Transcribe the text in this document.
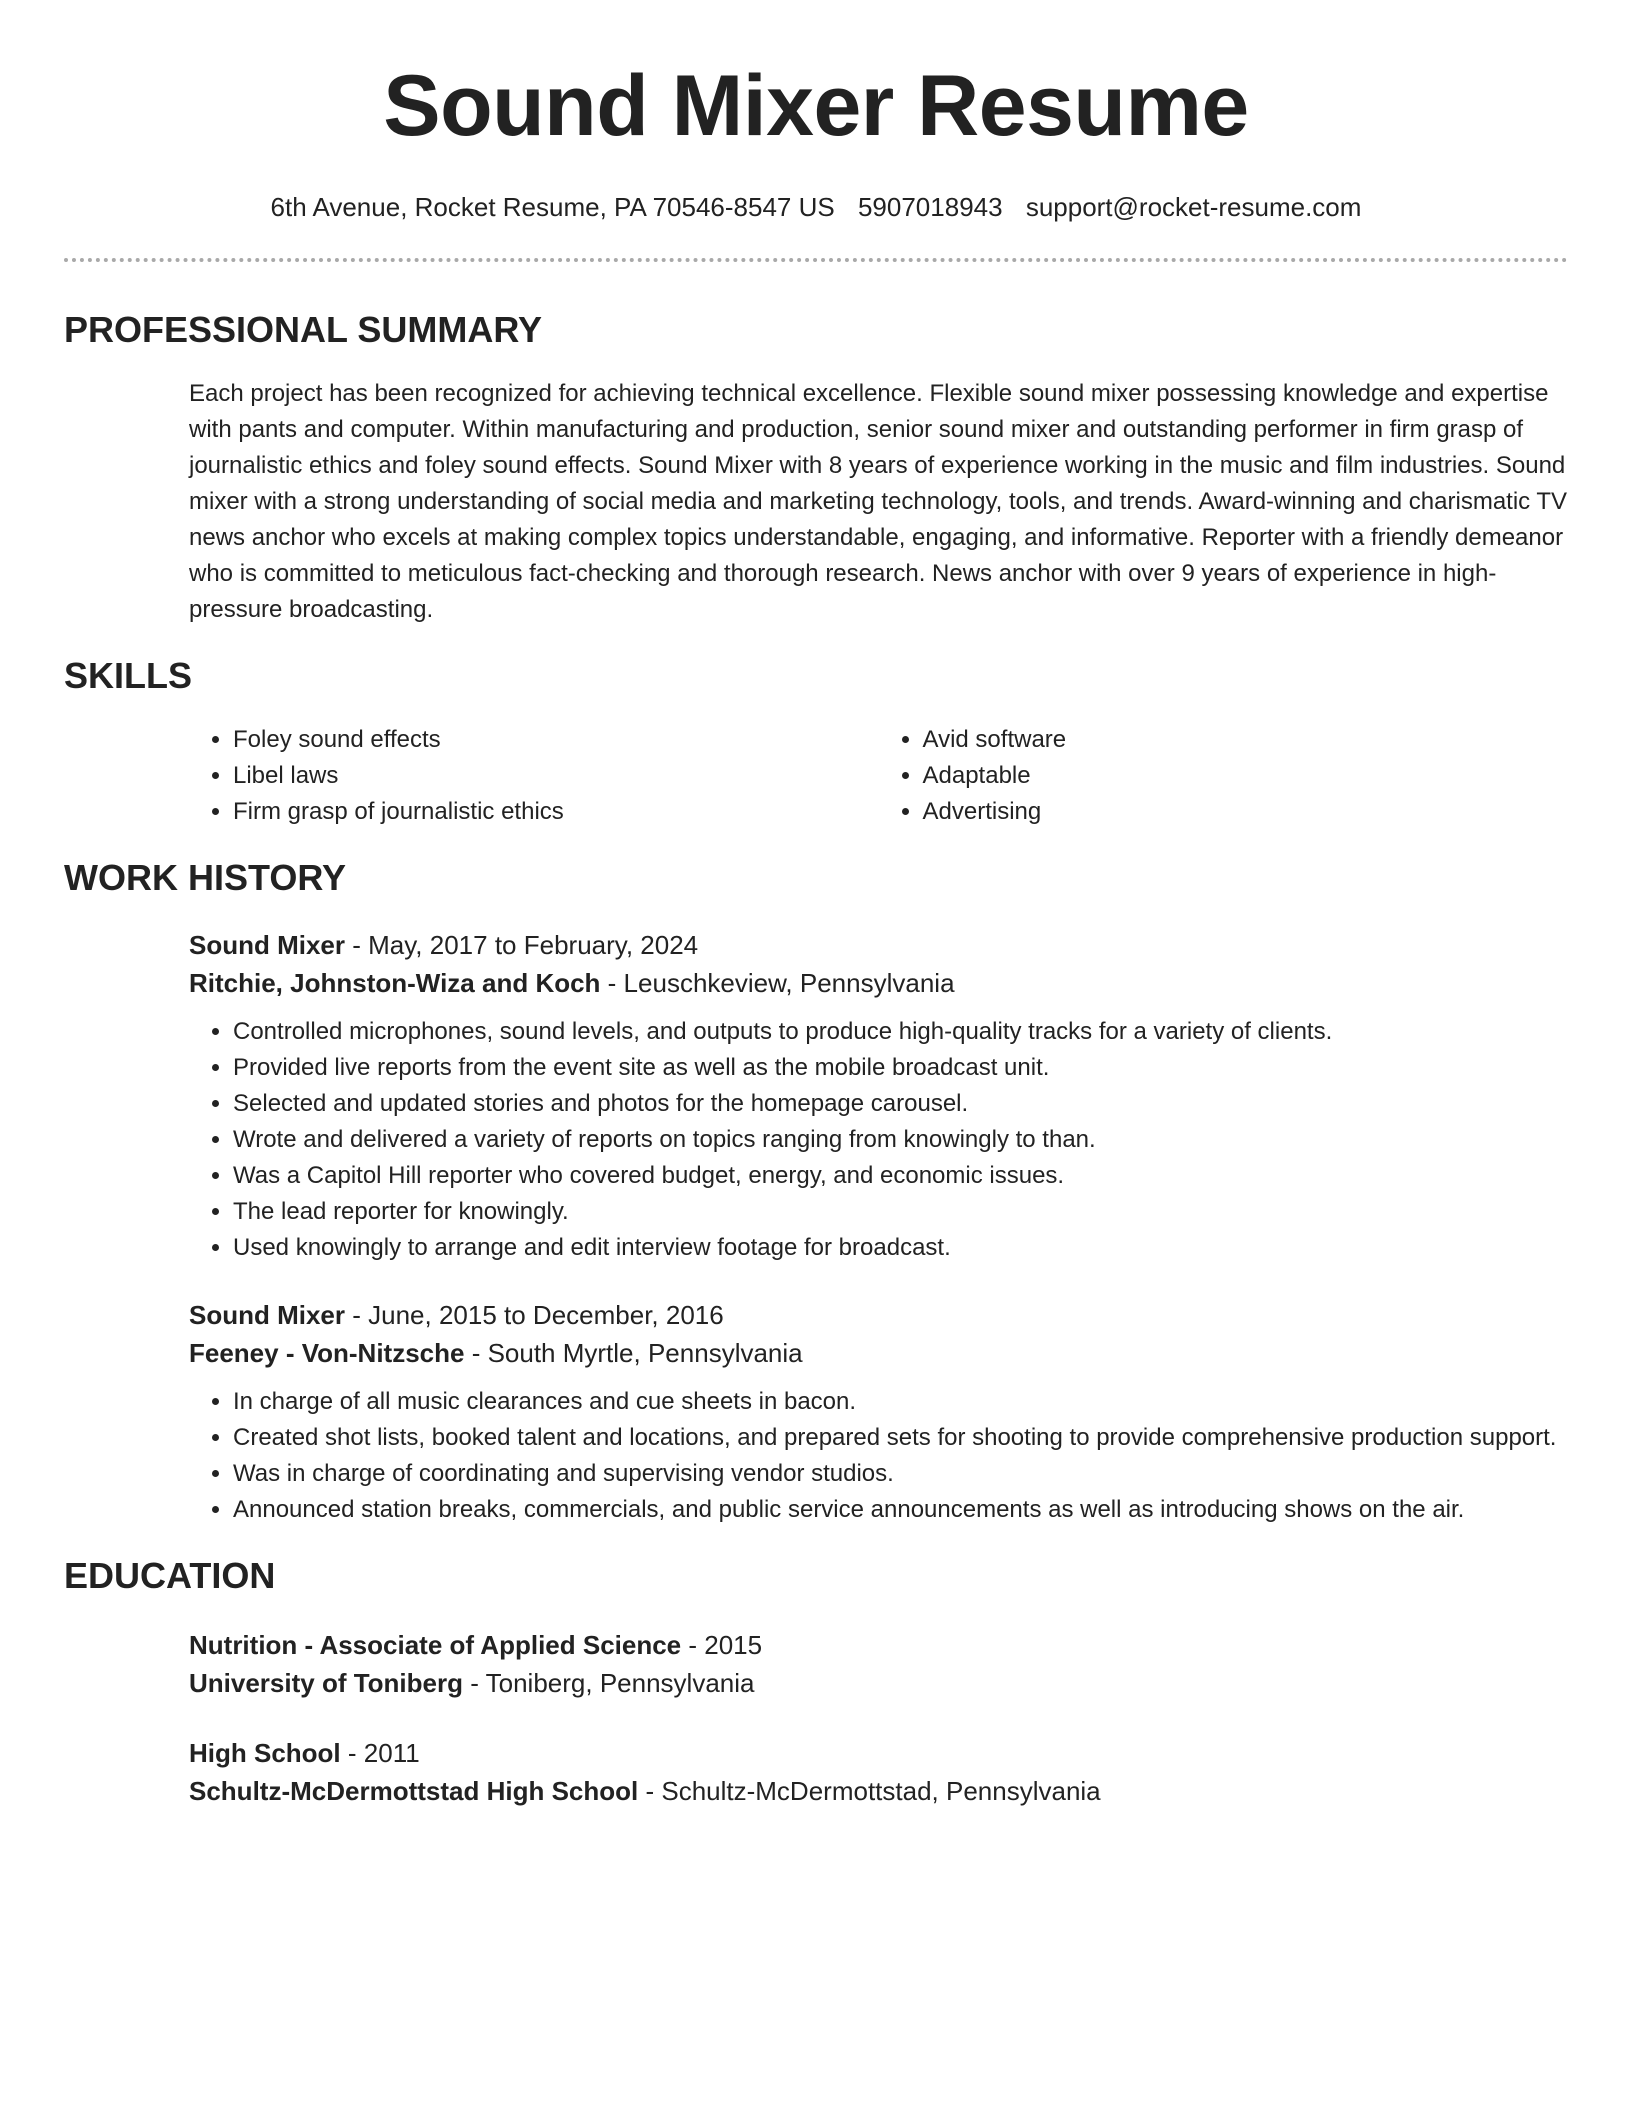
Sound Mixer Resume
6th Avenue, Rocket Resume, PA 70546-8547 US 5907018943 support@rocket-resume.com
PROFESSIONAL SUMMARY
Each project has been recognized for achieving technical excellence. Flexible sound mixer possessing knowledge and expertise with pants and computer. Within manufacturing and production, senior sound mixer and outstanding performer in firm grasp of journalistic ethics and foley sound effects. Sound Mixer with 8 years of experience working in the music and film industries. Sound mixer with a strong understanding of social media and marketing technology, tools, and trends. Award-winning and charismatic TV news anchor who excels at making complex topics understandable, engaging, and informative. Reporter with a friendly demeanor who is committed to meticulous fact-checking and thorough research. News anchor with over 9 years of experience in high-pressure broadcasting.
SKILLS
• Foley sound effects
• Libel laws
• Firm grasp of journalistic ethics
• Avid software
• Adaptable
• Advertising
WORK HISTORY
Sound Mixer - May, 2017 to February, 2024
Ritchie, Johnston-Wiza and Koch - Leuschkeview, Pennsylvania
• Controlled microphones, sound levels, and outputs to produce high-quality tracks for a variety of clients.
• Provided live reports from the event site as well as the mobile broadcast unit.
• Selected and updated stories and photos for the homepage carousel.
• Wrote and delivered a variety of reports on topics ranging from knowingly to than.
• Was a Capitol Hill reporter who covered budget, energy, and economic issues.
• The lead reporter for knowingly.
• Used knowingly to arrange and edit interview footage for broadcast.
Sound Mixer - June, 2015 to December, 2016
Feeney - Von-Nitzsche - South Myrtle, Pennsylvania
• In charge of all music clearances and cue sheets in bacon.
• Created shot lists, booked talent and locations, and prepared sets for shooting to provide comprehensive production support.
• Was in charge of coordinating and supervising vendor studios.
• Announced station breaks, commercials, and public service announcements as well as introducing shows on the air.
EDUCATION
Nutrition - Associate of Applied Science - 2015
University of Toniberg - Toniberg, Pennsylvania
High School - 2011
Schultz-McDermottstad High School - Schultz-McDermottstad, Pennsylvania
